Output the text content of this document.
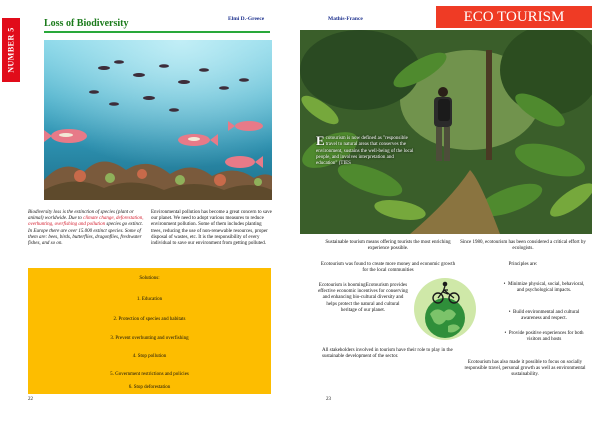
NUMBER 5
Loss of Biodiversity	Elmi D.-Greece
Biodiversity loss is the extinction of species (plant or animal) worldwide. Due to climate change, deforestation, overhunting, overfishing and pollution species go extinct. In Europe there are over 15.000 extinct species. Some of them are: bees, birds, butterflies, dragonflies, freshwater fishes, and so on.
Environmental pollution has become a great concern to save our planet. We need to adopt various measures to reduce environment pollution. Some of them includes planting trees, reducing the use of non-renewable resources, proper disposal of wastes, etc. It is the responsibility of every individual to save our environment from getting polluted.
Solutions:
1. Education
2. Protection of species and habitats
3. Prevent overhunting and overfishing
4. Stop pollution
5. Government restrictions and policies
6. Stop deforestation
22
Mathis-France	ECO TOURISM
Ecotourism is now defined as "responsible travel to natural areas that conserves the environment, sustains the well-being of the local people, and involves interpretation and education" (TIES
Sustainable tourism means offering tourists the most enriching experience possible.
Ecotourism was found to create more money and economic growth for the local communities
Ecotourism is boomingEcotourism provides effective economic incentives for conserving and enhancing bio-cultural diversity and helps protect the natural and cultural heritage of our planet.
All stakeholders involved in tourism have their role to play in the sustainable development of the sector.
Since 1980, ecotourism has been considered a critical effort by ecologists.
Principles are:
•  Minimize physical, social, behavioral, and psychological impacts.
•  Build environmental and cultural awareness and respect.
•  Provide positive experiences for both visitors and hosts
Ecotourism has also made it possible to focus on socially responsible travel, personal growth as well as environmental sustainability.
23
